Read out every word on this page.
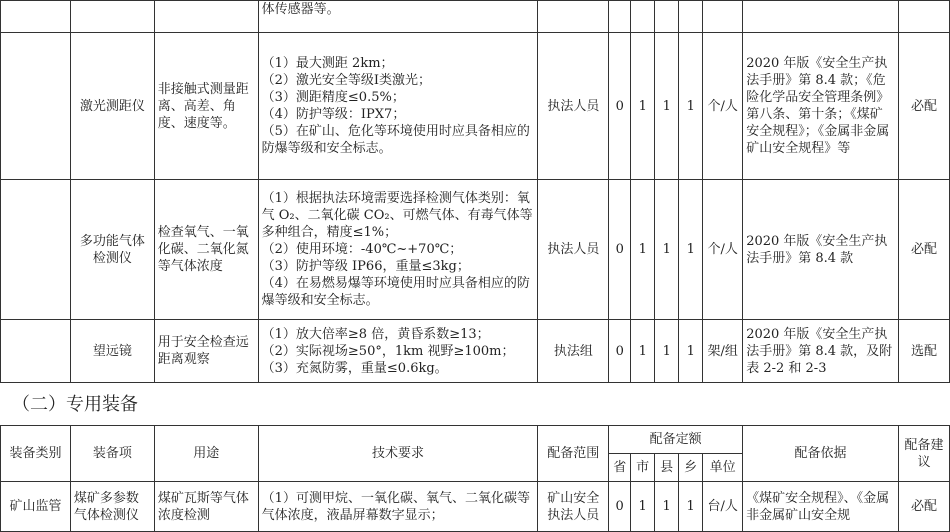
			体传感器等。								

	激光测距仪	非接触式测量距离、高差、角度、速度等。	（1）最大测距 2km；
（2）激光安全等级Ⅰ类激光；
（3）测距精度≤0.5%；
（4）防护等级：IPX7；
（5）在矿山、危化等环境使用时应具备相应的防爆等级和安全标志。	执法人员	0	1	1	1	个/人	2020 年版《安全生产执法手册》第 8.4 款；《危险化学品安全管理条例》第八条、第十条；《煤矿安全规程》；《金属非金属矿山安全规程》等	必配
	多功能气体检测仪	检查氧气、一氧化碳、二氧化氮等气体浓度	（1）根据执法环境需要选择检测气体类别：氧气 O₂、二氧化碳 CO₂、可燃气体、有毒气体等多种组合，精度≤1%；
（2）使用环境：-40℃~+70℃；
（3）防护等级 IP66，重量≤3kg；
（4）在易燃易爆等环境使用时应具备相应的防爆等级和安全标志。	执法人员	0	1	1	1	个/人	2020 年版《安全生产执法手册》第 8.4 款	必配
	望远镜	用于安全检查远距离观察	（1）放大倍率≥8 倍，黄昏系数≥13；
（2）实际视场≥50°，1km 视野≥100m；
（3）充氮防雾，重量≤0.6kg。	执法组	0	1	1	1	架/组	2020 年版《安全生产执法手册》第 8.4 款，及附表 2-2 和 2-3	选配
（二）专用装备
装备类别	装备项	用途	技术要求	配备范围	配备定额					配备依据	配备建议
					省	市	县	乡	单位		
矿山监管	煤矿多参数气体检测仪	煤矿瓦斯等气体浓度检测	（1）可测甲烷、一氧化碳、氧气、二氧化碳等气体浓度，液晶屏幕数字显示；	矿山安全执法人员	0	1	1	1	台/人	《煤矿安全规程》、《金属非金属矿山安全规	必配
